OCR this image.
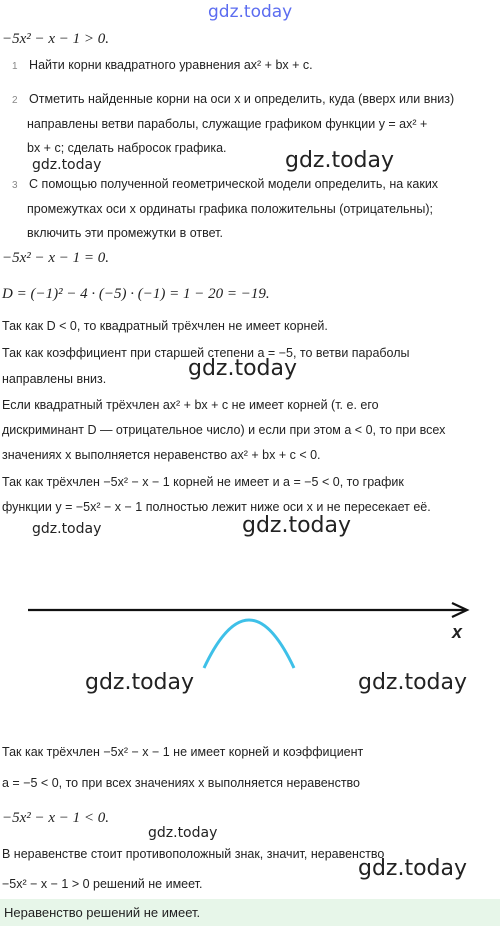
gdz.today
−5x² − x − 1 > 0.
1 Найти корни квадратного уравнения ax² + bx + c.
2 Отметить найденные корни на оси x и определить, куда (вверх или вниз)
направлены ветви параболы, служащие графиком функции y = ax² +
bx + c; сделать набросок графика.
3 С помощью полученной геометрической модели определить, на каких
промежутках оси x ординаты графика положительны (отрицательны);
включить эти промежутки в ответ.
−5x² − x − 1 = 0.
D = (−1)² − 4 · (−5) · (−1) = 1 − 20 = −19.
Так как D < 0, то квадратный трёхчлен не имеет корней.
Так как коэффициент при старшей степени a = −5, то ветви параболы
направлены вниз.
Если квадратный трёхчлен ax² + bx + c не имеет корней (т. е. его
дискриминант D — отрицательное число) и если при этом a < 0, то при всех
значениях x выполняется неравенство ax² + bx + c < 0.
Так как трёхчлен −5x² − x − 1 корней не имеет и a = −5 < 0, то график
функции y = −5x² − x − 1 полностью лежит ниже оси x и не пересекает её.
x
Так как трёхчлен −5x² − x − 1 не имеет корней и коэффициент
a = −5 < 0, то при всех значениях x выполняется неравенство
−5x² − x − 1 < 0.
В неравенстве стоит противоположный знак, значит, неравенство
−5x² − x − 1 > 0 решений не имеет.
Неравенство решений не имеет.
gdz.today	gdz.today
gdz.today
gdz.today	gdz.today
gdz.today	gdz.today
gdz.today
gdz.today
